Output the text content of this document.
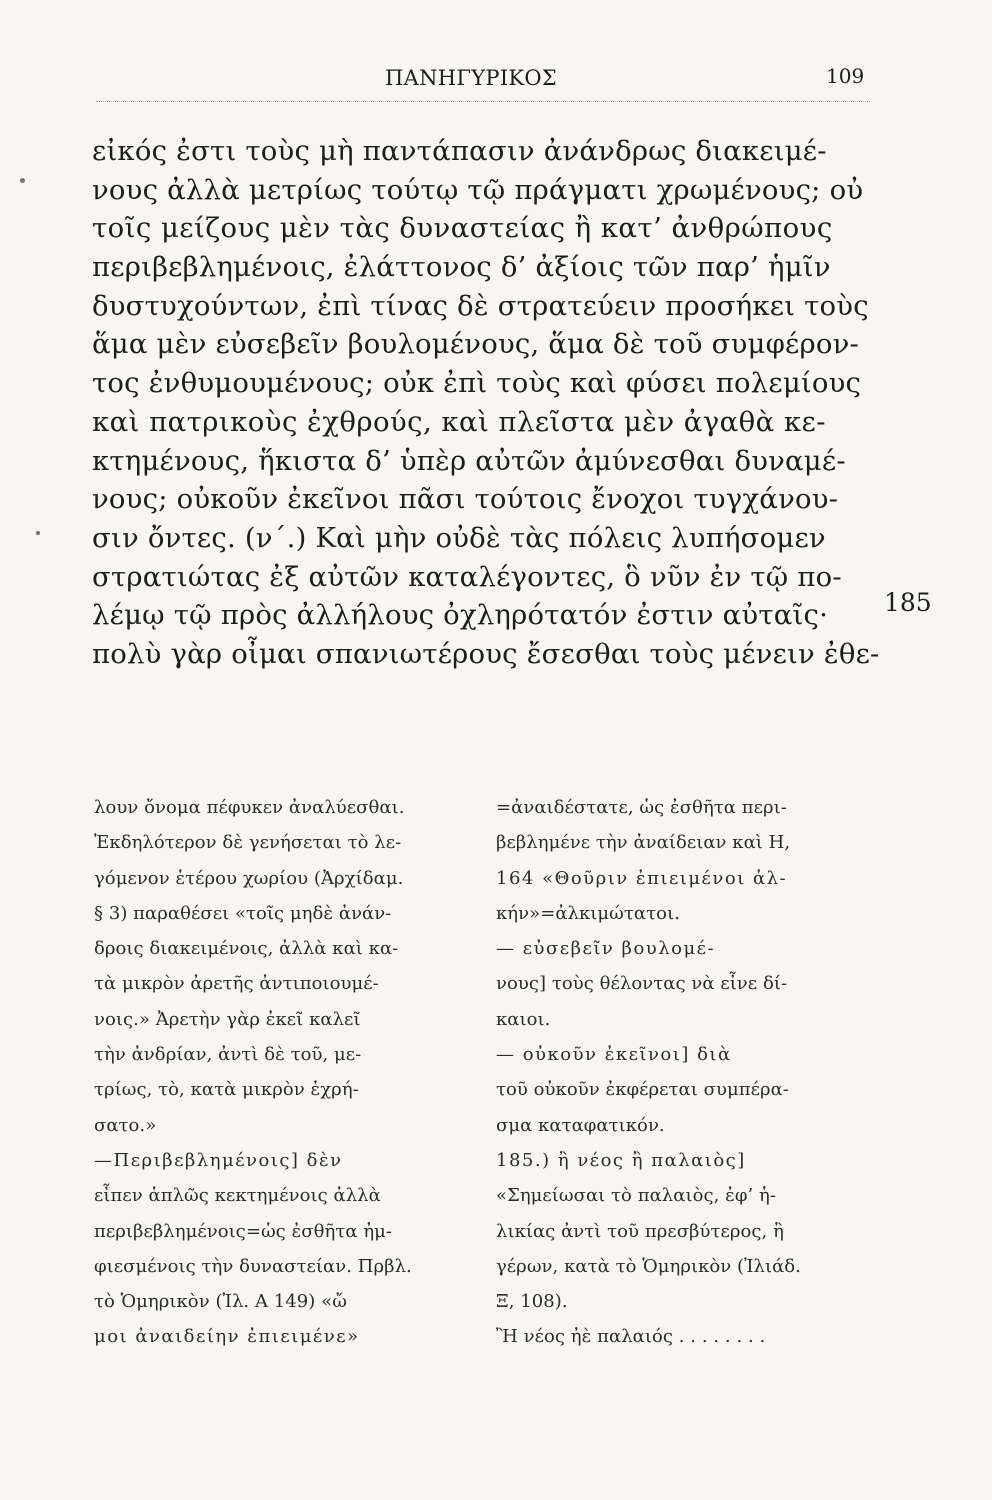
ΠΑΝΗΓΥΡΙΚΟΣ	109
εἰκός ἐστι τοὺς μὴ παντάπασιν ἀνάνδρως διακειμέ-
νους ἀλλὰ μετρίως τούτῳ τῷ πράγματι χρωμένους; οὐ
τοῖς μείζους μὲν τὰς δυναστείας ἢ κατ’ ἀνθρώπους
περιβεβλημένοις, ἐλάττονος δ’ ἀξίοις τῶν παρ’ ἡμῖν
δυστυχούντων, ἐπὶ τίνας δὲ στρατεύειν προσήκει τοὺς
ἅμα μὲν εὐσεβεῖν βουλομένους, ἅμα δὲ τοῦ συμφέρον-
τος ἐνθυμουμένους; οὐκ ἐπὶ τοὺς καὶ φύσει πολεμίους
καὶ πατρικοὺς ἐχθρούς, καὶ πλεῖστα μὲν ἀγαθὰ κε-
κτημένους, ἥκιστα δ’ ὑπὲρ αὐτῶν ἀμύνεσθαι δυναμέ-
νους; οὐκοῦν ἐκεῖνοι πᾶσι τούτοις ἔνοχοι τυγχάνου-
σιν ὄντες. (ν΄.) Καὶ μὴν οὐδὲ τὰς πόλεις λυπήσομεν
στρατιώτας ἐξ αὐτῶν καταλέγοντες, ὃ νῦν ἐν τῷ πο-
λέμῳ τῷ πρὸς ἀλλήλους ὀχληρότατόν ἐστιν αὐταῖς·
πολὺ γὰρ οἶμαι σπανιωτέρους ἔσεσθαι τοὺς μένειν ἐθε-
185
λουν ὄνομα πέφυκεν ἀναλύεσθαι.
Ἐκδηλότερον δὲ γενήσεται τὸ λε-
γόμενον ἑτέρου χωρίου (Ἀρχίδαμ.
§ 3) παραθέσει «τοῖς μηδὲ ἀνάν-
δροις διακειμένοις, ἀλλὰ καὶ κα-
τὰ μικρὸν ἀρετῆς ἀντιποιουμέ-
νοις.» Ἀρετὴν γὰρ ἐκεῖ καλεῖ
τὴν ἀνδρίαν, ἀντὶ δὲ τοῦ, με-
τρίως, τὸ, κατὰ μικρὸν ἐχρή-
σατο.»
—Περιβεβλημένοις] δὲν
εἶπεν ἁπλῶς κεκτημένοις ἀλλὰ
περιβεβλημένοις=ὡς ἐσθῆτα ἠμ-
φιεσμένοις τὴν δυναστείαν. Πρβλ.
τὸ Ὁμηρικὸν (Ἰλ. Α 149) «ὤ
μοι ἀναιδείην ἐπιειμένε»
=ἀναιδέστατε, ὡς ἐσθῆτα περι-
βεβλημένε τὴν ἀναίδειαν καὶ Η,
164 «Θοῦριν ἐπιειμένοι ἀλ-
κήν»=ἀλκιμώτατοι.
— εὐσεβεῖν βουλομέ-
νους] τοὺς θέλοντας νὰ εἶνε δί-
καιοι.
— οὐκοῦν ἐκεῖνοι] διὰ
τοῦ οὐκοῦν ἐκφέρεται συμπέρα-
σμα καταφατικόν.
185.) ἢ νέος ἢ παλαιὸς]
«Σημείωσαι τὸ παλαιὸς, ἐφ’ ἡ-
λικίας ἀντὶ τοῦ πρεσβύτερος, ἢ
γέρων, κατὰ τὸ Ὁμηρικὸν (Ἰλιάδ.
Ξ, 108).
Ἢ νέος ἠὲ παλαιός . . . . . . . .
